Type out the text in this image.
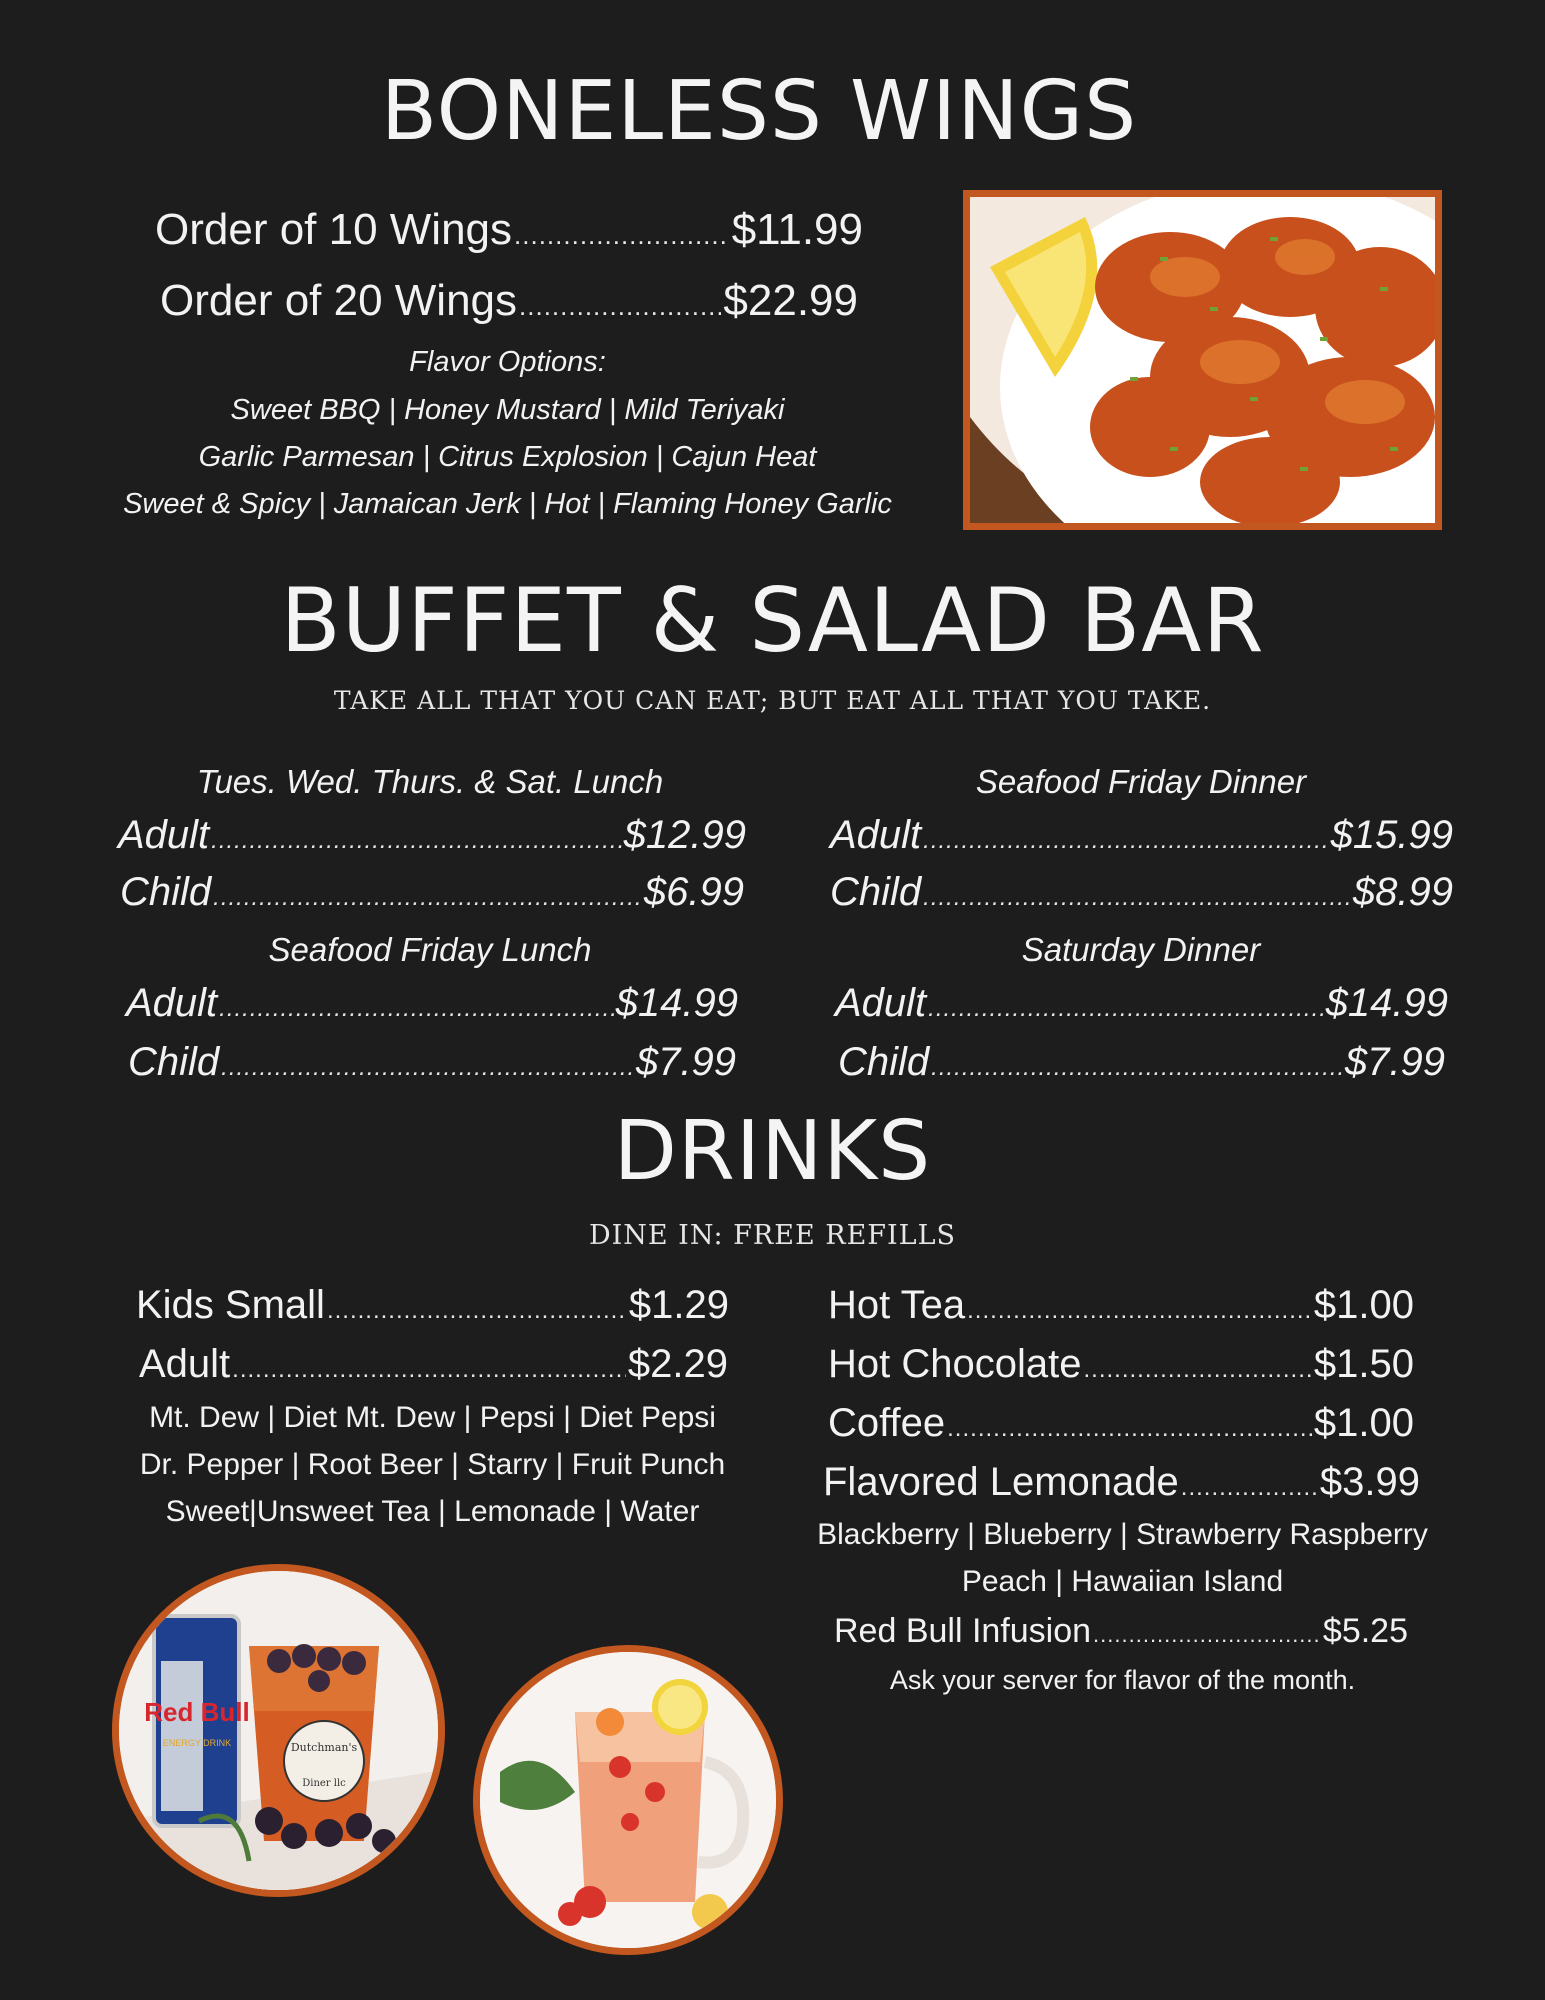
BONELESS WINGS
Order of 10 Wings .....	$11.99
Order of 20 Wings .....	$22.99
Flavor Options:
Sweet BBQ | Honey Mustard | Mild Teriyaki
Garlic Parmesan | Citrus Explosion | Cajun Heat
Sweet & Spicy | Jamaican Jerk | Hot | Flaming Honey Garlic
BUFFET & SALAD BAR
TAKE ALL THAT YOU CAN EAT; BUT EAT ALL THAT YOU TAKE.
Tues. Wed. Thurs. & Sat. Lunch
Adult .....	$12.99
Child .....	$6.99
Seafood Friday Lunch
Adult .....	$14.99
Child .....	$7.99
Seafood Friday Dinner
Adult .....	$15.99
Child .....	$8.99
Saturday Dinner
Adult .....	$14.99
Child .....	$7.99
DRINKS
DINE IN: FREE REFILLS
Kids Small .....	$1.29
Adult .....	$2.29
Mt. Dew | Diet Mt. Dew | Pepsi | Diet Pepsi
Dr. Pepper | Root Beer | Starry | Fruit Punch
Sweet|Unsweet Tea | Lemonade | Water
Hot Tea .....	$1.00
Hot Chocolate .....	$1.50
Coffee .....	$1.00
Flavored Lemonade .....	$3.99
Blackberry | Blueberry | Strawberry Raspberry
Peach | Hawaiian Island
Red Bull Infusion .....	$5.25
Ask your server for flavor of the month.
Red Bull
ENERGY DRINK	Dutchman's
Diner llc
